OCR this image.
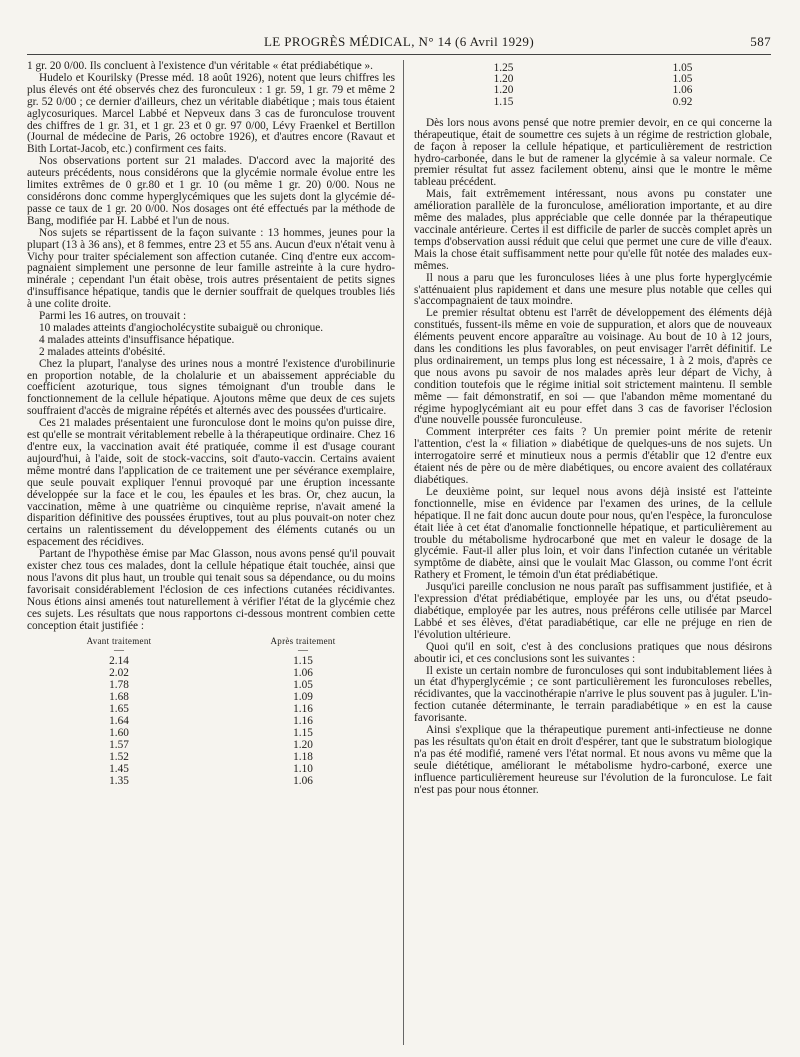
LE PROGRÈS MÉDICAL, N° 14 (6 Avril 1929)	587

1 gr. 20 0/00. Ils concluent à l'existence d'un véritable « état prédiabétique ».

Hudelo et Kourilsky (Presse méd. 18 août 1926), notent que leurs chiffres les plus élevés ont été observés chez des furonculeux : 1 gr. 59, 1 gr. 79 et même 2 gr. 52 0/00 ; ce dernier d'ailleurs, chez un véritable diabétique ; mais tous étaient aglycosuriques. Marcel Labbé et Nepveux dans 3 cas de furonculose trouvent des chiffres de 1 gr. 31, et 1 gr. 23 et 0 gr. 97 0/00, Lévy Fraenkel et Bertillon (Journal de médecine de Paris, 26 octobre 1926), et d'autres encore (Ravaut et Bith Lortat-Jacob, etc.) confirment ces faits.

Nos observations portent sur 21 malades. D'accord avec la majorité des auteurs précédents, nous considérons que la glycémie normale évolue entre les limites extrêmes de 0 gr.80 et 1 gr. 10 (ou même 1 gr. 20) 0/00. Nous ne considérons donc comme hyperglycémiques que les sujets dont la glycémie dépasse ce taux de 1 gr. 20 0/00. Nos dosages ont été effectués par la méthode de Bang, modifiée par H. Labbé et l'un de nous.

Nos sujets se répartissent de la façon suivante : 13 hommes, jeunes pour la plupart (13 à 36 ans), et 8 femmes, entre 23 et 55 ans. Aucun d'eux n'était venu à Vichy pour traiter spécialement son affection cutanée. Cinq d'entre eux accompagnaient simplement une personne de leur famille astreinte à la cure hydro-minérale ; cependant l'un était obèse, trois autres présentaient de petits signes d'insuffisance hépatique, tandis que le dernier souffrait de quelques troubles liés à une colite droite.

Parmi les 16 autres, on trouvait :

10 malades atteints d'angiocholécystite subaiguë ou chronique.

4 malades atteints d'insuffisance hépatique.

2 malades atteints d'obésité.

Chez la plupart, l'analyse des urines nous a montré l'existence d'urobilinurie en proportion notable, de la cholalurie et un abaissement appréciable du coefficient azoturique, tous signes témoignant d'un trouble dans le fonctionnement de la cellule hépatique. Ajoutons même que deux de ces sujets souffraient d'accès de migraine répétés et alternés avec des poussées d'urticaire.

Ces 21 malades présentaient une furonculose dont le moins qu'on puisse dire, est qu'elle se montrait véritablement rebelle à la thérapeutique ordinaire. Chez 16 d'entre eux, la vaccination avait été pratiquée, comme il est d'usage courant aujourd'hui, à l'aide, soit de stock-vaccins, soit d'auto-vaccin. Certains avaient même montré dans l'application de ce traitement une per sévérance exemplaire, que seule pouvait expliquer l'ennui provoqué par une éruption incessante développée sur la face et le cou, les épaules et les bras. Or, chez aucun, la vaccination, même à une quatrième ou cinquième reprise, n'avait amené la disparition définitive des poussées éruptives, tout au plus pouvait-on noter chez certains un ralentissement du développement des éléments cutanés ou un espacement des récidives.

Partant de l'hypothèse émise par Mac Glasson, nous avons pensé qu'il pouvait exister chez tous ces malades, dont la cellule hépatique était touchée, ainsi que nous l'avons dit plus haut, un trouble qui tenait sous sa dépendance, ou du moins favorisait considérablement l'éclosion de ces infections cutanées récidivantes. Nous étions ainsi amenés tout naturellement à vérifier l'état de la glycémie chez ces sujets. Les résultats que nous rapportons ci-dessous montrent combien cette conception était justifiée :

Avant traitement	Après traitement
—	—
2.14	1.15
2.02	1.06
1.78	1.05
1.68	1.09
1.65	1.16
1.64	1.16
1.60	1.15
1.57	1.20
1.52	1.18
1.45	1.10
1.35	1.06
1.25	1.05
1.20	1.05
1.20	1.06
1.15	0.92

Dès lors nous avons pensé que notre premier devoir, en ce qui concerne la thérapeutique, était de soumettre ces sujets à un régime de restriction globale, de façon à reposer la cellule hépatique, et particulièrement de restriction hydro-carbonée, dans le but de ramener la glycémie à sa valeur normale. Ce premier résultat fut assez facilement obtenu, ainsi que le montre le même tableau précédent.

Mais, fait extrêmement intéressant, nous avons pu constater une amélioration parallèle de la furonculose, amélioration importante, et au dire même des malades, plus appréciable que celle donnée par la thérapeutique vaccinale antérieure. Certes il est difficile de parler de succès complet après un temps d'observation aussi réduit que celui que permet une cure de ville d'eaux. Mais la chose était suffisamment nette pour qu'elle fût notée des malades eux-mêmes.

Il nous a paru que les furonculoses liées à une plus forte hyperglycémie s'atténuaient plus rapidement et dans une mesure plus notable que celles qui s'accompagnaient de taux moindre.

Le premier résultat obtenu est l'arrêt de développement des éléments déjà constitués, fussent-ils même en voie de suppuration, et alors que de nouveaux éléments peuvent encore apparaître au voisinage. Au bout de 10 à 12 jours, dans les conditions les plus favorables, on peut envisager l'arrêt définitif. Le plus ordinairement, un temps plus long est nécessaire, 1 à 2 mois, d'après ce que nous avons pu savoir de nos malades après leur départ de Vichy, à condition toutefois que le régime initial soit strictement maintenu. Il semble même — fait démonstratif, en soi — que l'abandon même momentané du régime hypoglycémiant ait eu pour effet dans 3 cas de favoriser l'éclosion d'une nouvelle poussée furonculeuse.

Comment interpréter ces faits ? Un premier point mérite de retenir l'attention, c'est la « filiation » diabétique de quelques-uns de nos sujets. Un interrogatoire serré et minutieux nous a permis d'établir que 12 d'entre eux étaient nés de père ou de mère diabétiques, ou encore avaient des collatéraux diabétiques.

Le deuxième point, sur lequel nous avons déjà insisté est l'atteinte fonctionnelle, mise en évidence par l'examen des urines, de la cellule hépatique. Il ne fait donc aucun doute pour nous, qu'en l'espèce, la furonculose était liée à cet état d'anomalie fonctionnelle hépatique, et particulièrement au trouble du métabolisme hydrocarboné que met en valeur le dosage de la glycémie. Faut-il aller plus loin, et voir dans l'infection cutanée un véritable symptôme de diabète, ainsi que le voulait Mac Glasson, ou comme l'ont écrit Rathery et Froment, le témoin d'un état prédiabétique.

Jusqu'ici pareille conclusion ne nous paraît pas suffisamment justifiée, et à l'expression d'état prédiabétique, employée par les uns, ou d'état pseudo-diabétique, employée par les autres, nous préférons celle utilisée par Marcel Labbé et ses élèves, d'état paradiabétique, car elle ne préjuge en rien de l'évolution ultérieure.

Quoi qu'il en soit, c'est à des conclusions pratiques que nous désirons aboutir ici, et ces conclusions sont les suivantes :

Il existe un certain nombre de furonculoses qui sont indubitablement liées à un état d'hyperglycémie ; ce sont particulièrement les furonculoses rebelles, récidivantes, que la vaccinothérapie n'arrive le plus souvent pas à juguler. L'infection cutanée déterminante, le terrain paradiabétique » en est la cause favorisante.

Ainsi s'explique que la thérapeutique purement anti-infectieuse ne donne pas les résultats qu'on était en droit d'espérer, tant que le substratum biologique n'a pas été modifié, ramené vers l'état normal. Et nous avons vu même que la seule diététique, améliorant le métabolisme hydro-carboné, exerce une influence particulièrement heureuse sur l'évolution de la furonculose. Le fait n'est pas pour nous étonner.
